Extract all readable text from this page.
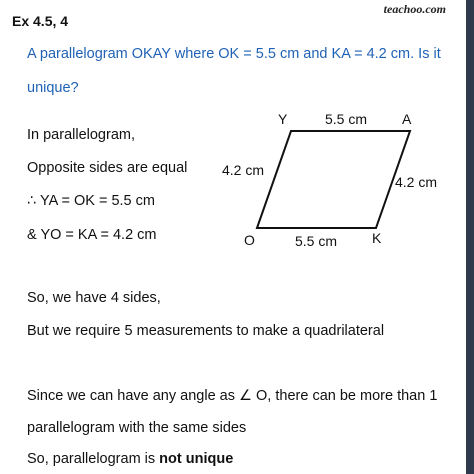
teachoo.com
Ex 4.5, 4
A parallelogram OKAY where OK = 5.5 cm and KA = 4.2 cm. Is it unique?
In parallelogram,
Opposite sides are equal
∴ YA = OK = 5.5 cm
& YO = KA = 4.2 cm
So, we have 4 sides,
But we require 5 measurements to make a quadrilateral
Since we can have any angle as ∠ O, there can be more than 1
parallelogram with the same sides
So, parallelogram is not unique
Y	A
O	K
5.5 cm
5.5 cm
4.2 cm
4.2 cm
